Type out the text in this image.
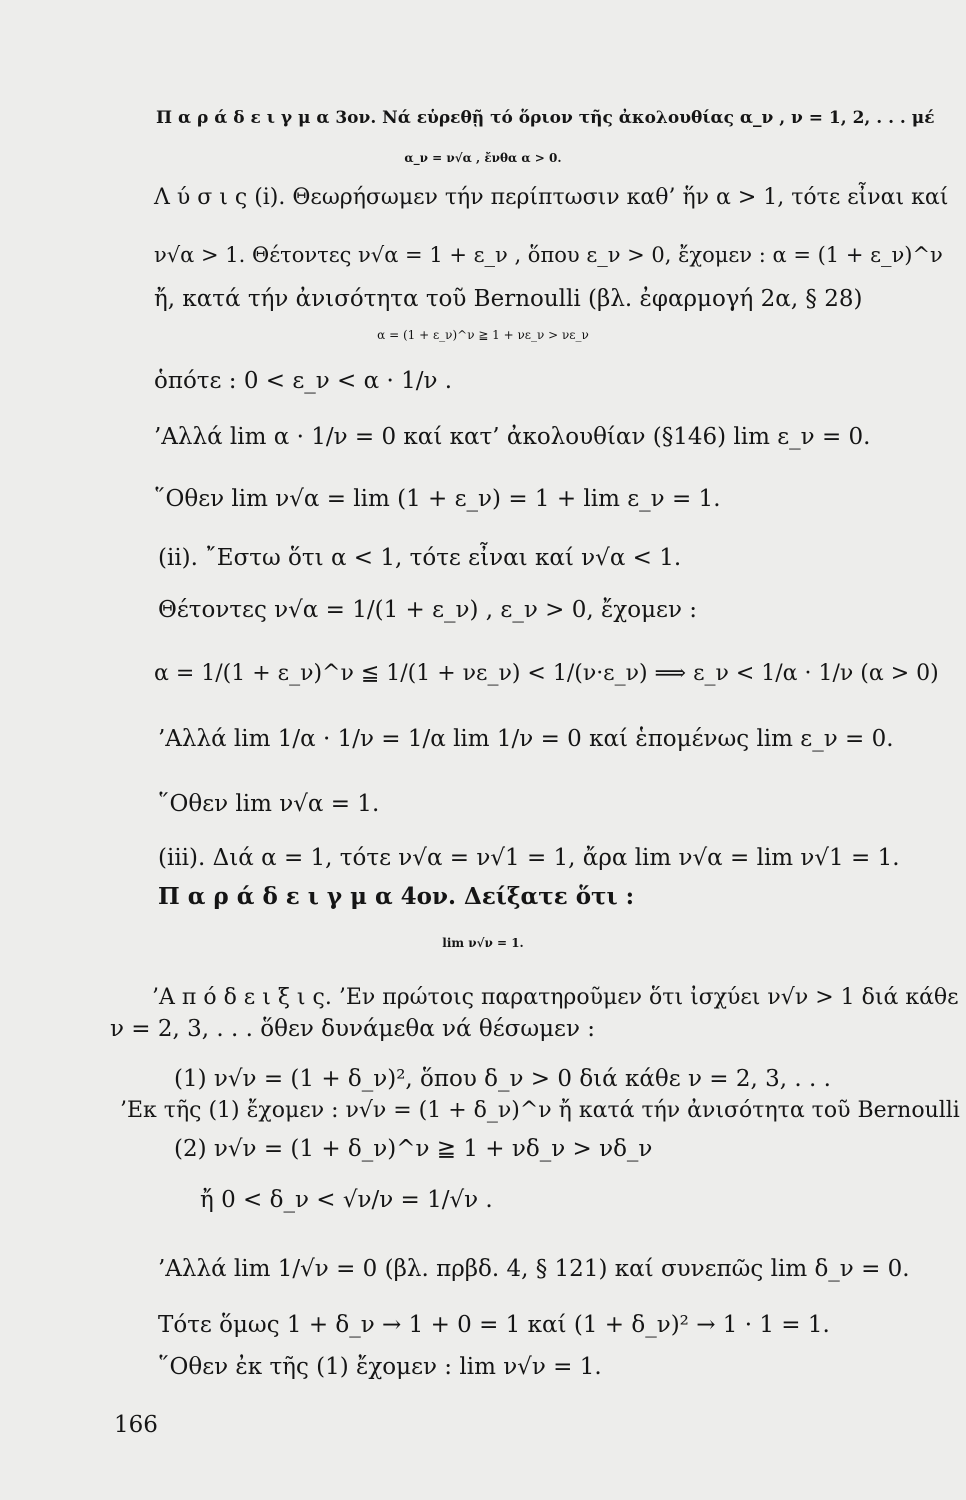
Π α ρ ά δ ε ι γ μ α 3ον. Νά εὑρεθῇ τό ὅριον τῆς ἀκολουθίας α_ν , ν = 1, 2, . . . μέ
α_ν = ν√α , ἔνθα α > 0.
Λ ύ σ ι ς (i). Θεωρήσωμεν τήν περίπτωσιν καθ’ ἥν α > 1, τότε εἶναι καί
ν√α > 1. Θέτοντες ν√α = 1 + ε_ν , ὅπου ε_ν > 0, ἔχομεν : α = (1 + ε_ν)^ν
ἤ, κατά τήν ἀνισότητα τοῦ Bernoulli (βλ. ἐφαρμογή 2α, § 28)
α = (1 + ε_ν)^ν ≧ 1 + νε_ν > νε_ν
ὁπότε : 0 < ε_ν < α · 1/ν .
’Αλλά lim α · 1/ν = 0 καί κατ’ ἀκολουθίαν (§146) lim ε_ν = 0.
῞Οθεν lim ν√α = lim (1 + ε_ν) = 1 + lim ε_ν = 1.
(ii). ῎Εστω ὅτι α < 1, τότε εἶναι καί ν√α < 1.
Θέτοντες ν√α = 1/(1 + ε_ν) , ε_ν > 0, ἔχομεν :
α = 1/(1 + ε_ν)^ν ≦ 1/(1 + νε_ν) < 1/(ν·ε_ν) ⟹ ε_ν < 1/α · 1/ν (α > 0)
’Αλλά lim 1/α · 1/ν = 1/α lim 1/ν = 0 καί ἑπομένως lim ε_ν = 0.
῞Οθεν lim ν√α = 1.
(iii). Διά α = 1, τότε ν√α = ν√1 = 1, ἄρα lim ν√α = lim ν√1 = 1.
Π α ρ ά δ ε ι γ μ α 4ον. Δείξατε ὅτι :
lim ν√ν = 1.
’Α π ό δ ε ι ξ ι ς. ’Εν πρώτοις παρατηροῦμεν ὅτι ἰσχύει ν√ν > 1 διά κάθε
ν = 2, 3, . . . ὅθεν δυνάμεθα νά θέσωμεν :
(1) ν√ν = (1 + δ_ν)², ὅπου δ_ν > 0 διά κάθε ν = 2, 3, . . .
’Εκ τῆς (1) ἔχομεν : ν√ν = (1 + δ_ν)^ν ἤ κατά τήν ἀνισότητα τοῦ Bernoulli
(2) ν√ν = (1 + δ_ν)^ν ≧ 1 + νδ_ν > νδ_ν
ἤ 0 < δ_ν < √ν/ν = 1/√ν .
’Αλλά lim 1/√ν = 0 (βλ. πρβδ. 4, § 121) καί συνεπῶς lim δ_ν = 0.
Τότε ὅμως 1 + δ_ν → 1 + 0 = 1 καί (1 + δ_ν)² → 1 · 1 = 1.
῞Οθεν ἐκ τῆς (1) ἔχομεν : lim ν√ν = 1.
166
